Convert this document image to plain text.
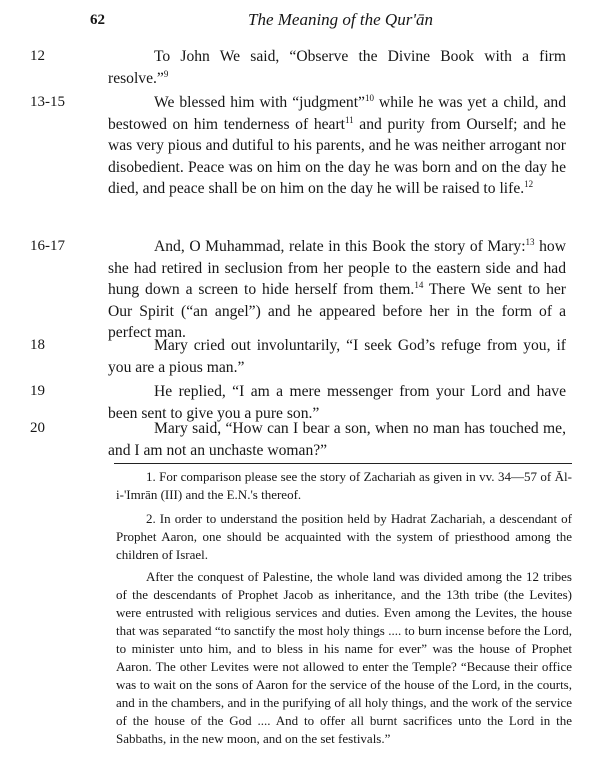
62	The Meaning of the Qur'ān
12	To John We said, “Observe the Divine Book with a firm resolve.”$^9$
13-15	We blessed him with “judgment”$^{10}$ while he was yet a child, and bestowed on him tenderness of heart$^{11}$ and purity from Ourself; and he was very pious and dutiful to his parents, and he was neither arrogant nor disobedient. Peace was on him on the day he was born and on the day he died, and peace shall be on him on the day he will be raised to life.$^{12}$
16-17	And, O Muhammad, relate in this Book the story of Mary:$^{13}$ how she had retired in seclusion from her people to the eastern side and had hung down a screen to hide herself from them.$^{14}$ There We sent to her Our Spirit (“an angel”) and he appeared before her in the form of a perfect man.
18	Mary cried out involuntarily, “I seek God’s refuge from you, if you are a pious man.”
19	He replied, “I am a mere messenger from your Lord and have been sent to give you a pure son.”
20	Mary said, “How can I bear a son, when no man has touched me, and I am not an unchaste woman?”
1. For comparison please see the story of Zachariah as given in vv. 34—57 of Āl-i-'Imrān (III) and the E.N.'s thereof.
2. In order to understand the position held by Hadrat Zachariah, a descendant of Prophet Aaron, one should be acquainted with the system of priesthood among the children of Israel.
After the conquest of Palestine, the whole land was divided among the 12 tribes of the descendants of Prophet Jacob as inheritance, and the 13th tribe (the Levites) were entrusted with religious services and duties. Even among the Levites, the house that was separated “to sanctify the most holy things .... to burn incense before the Lord, to minister unto him, and to bless in his name for ever” was the house of Prophet Aaron. The other Levites were not allowed to enter the Temple? “Because their office was to wait on the sons of Aaron for the service of the house of the Lord, in the courts, and in the chambers, and in the purifying of all holy things, and the work of the service of the house of the God .... And to offer all burnt sacrifices unto the Lord in the Sabbaths, in the new moon, and on the set festivals.”
